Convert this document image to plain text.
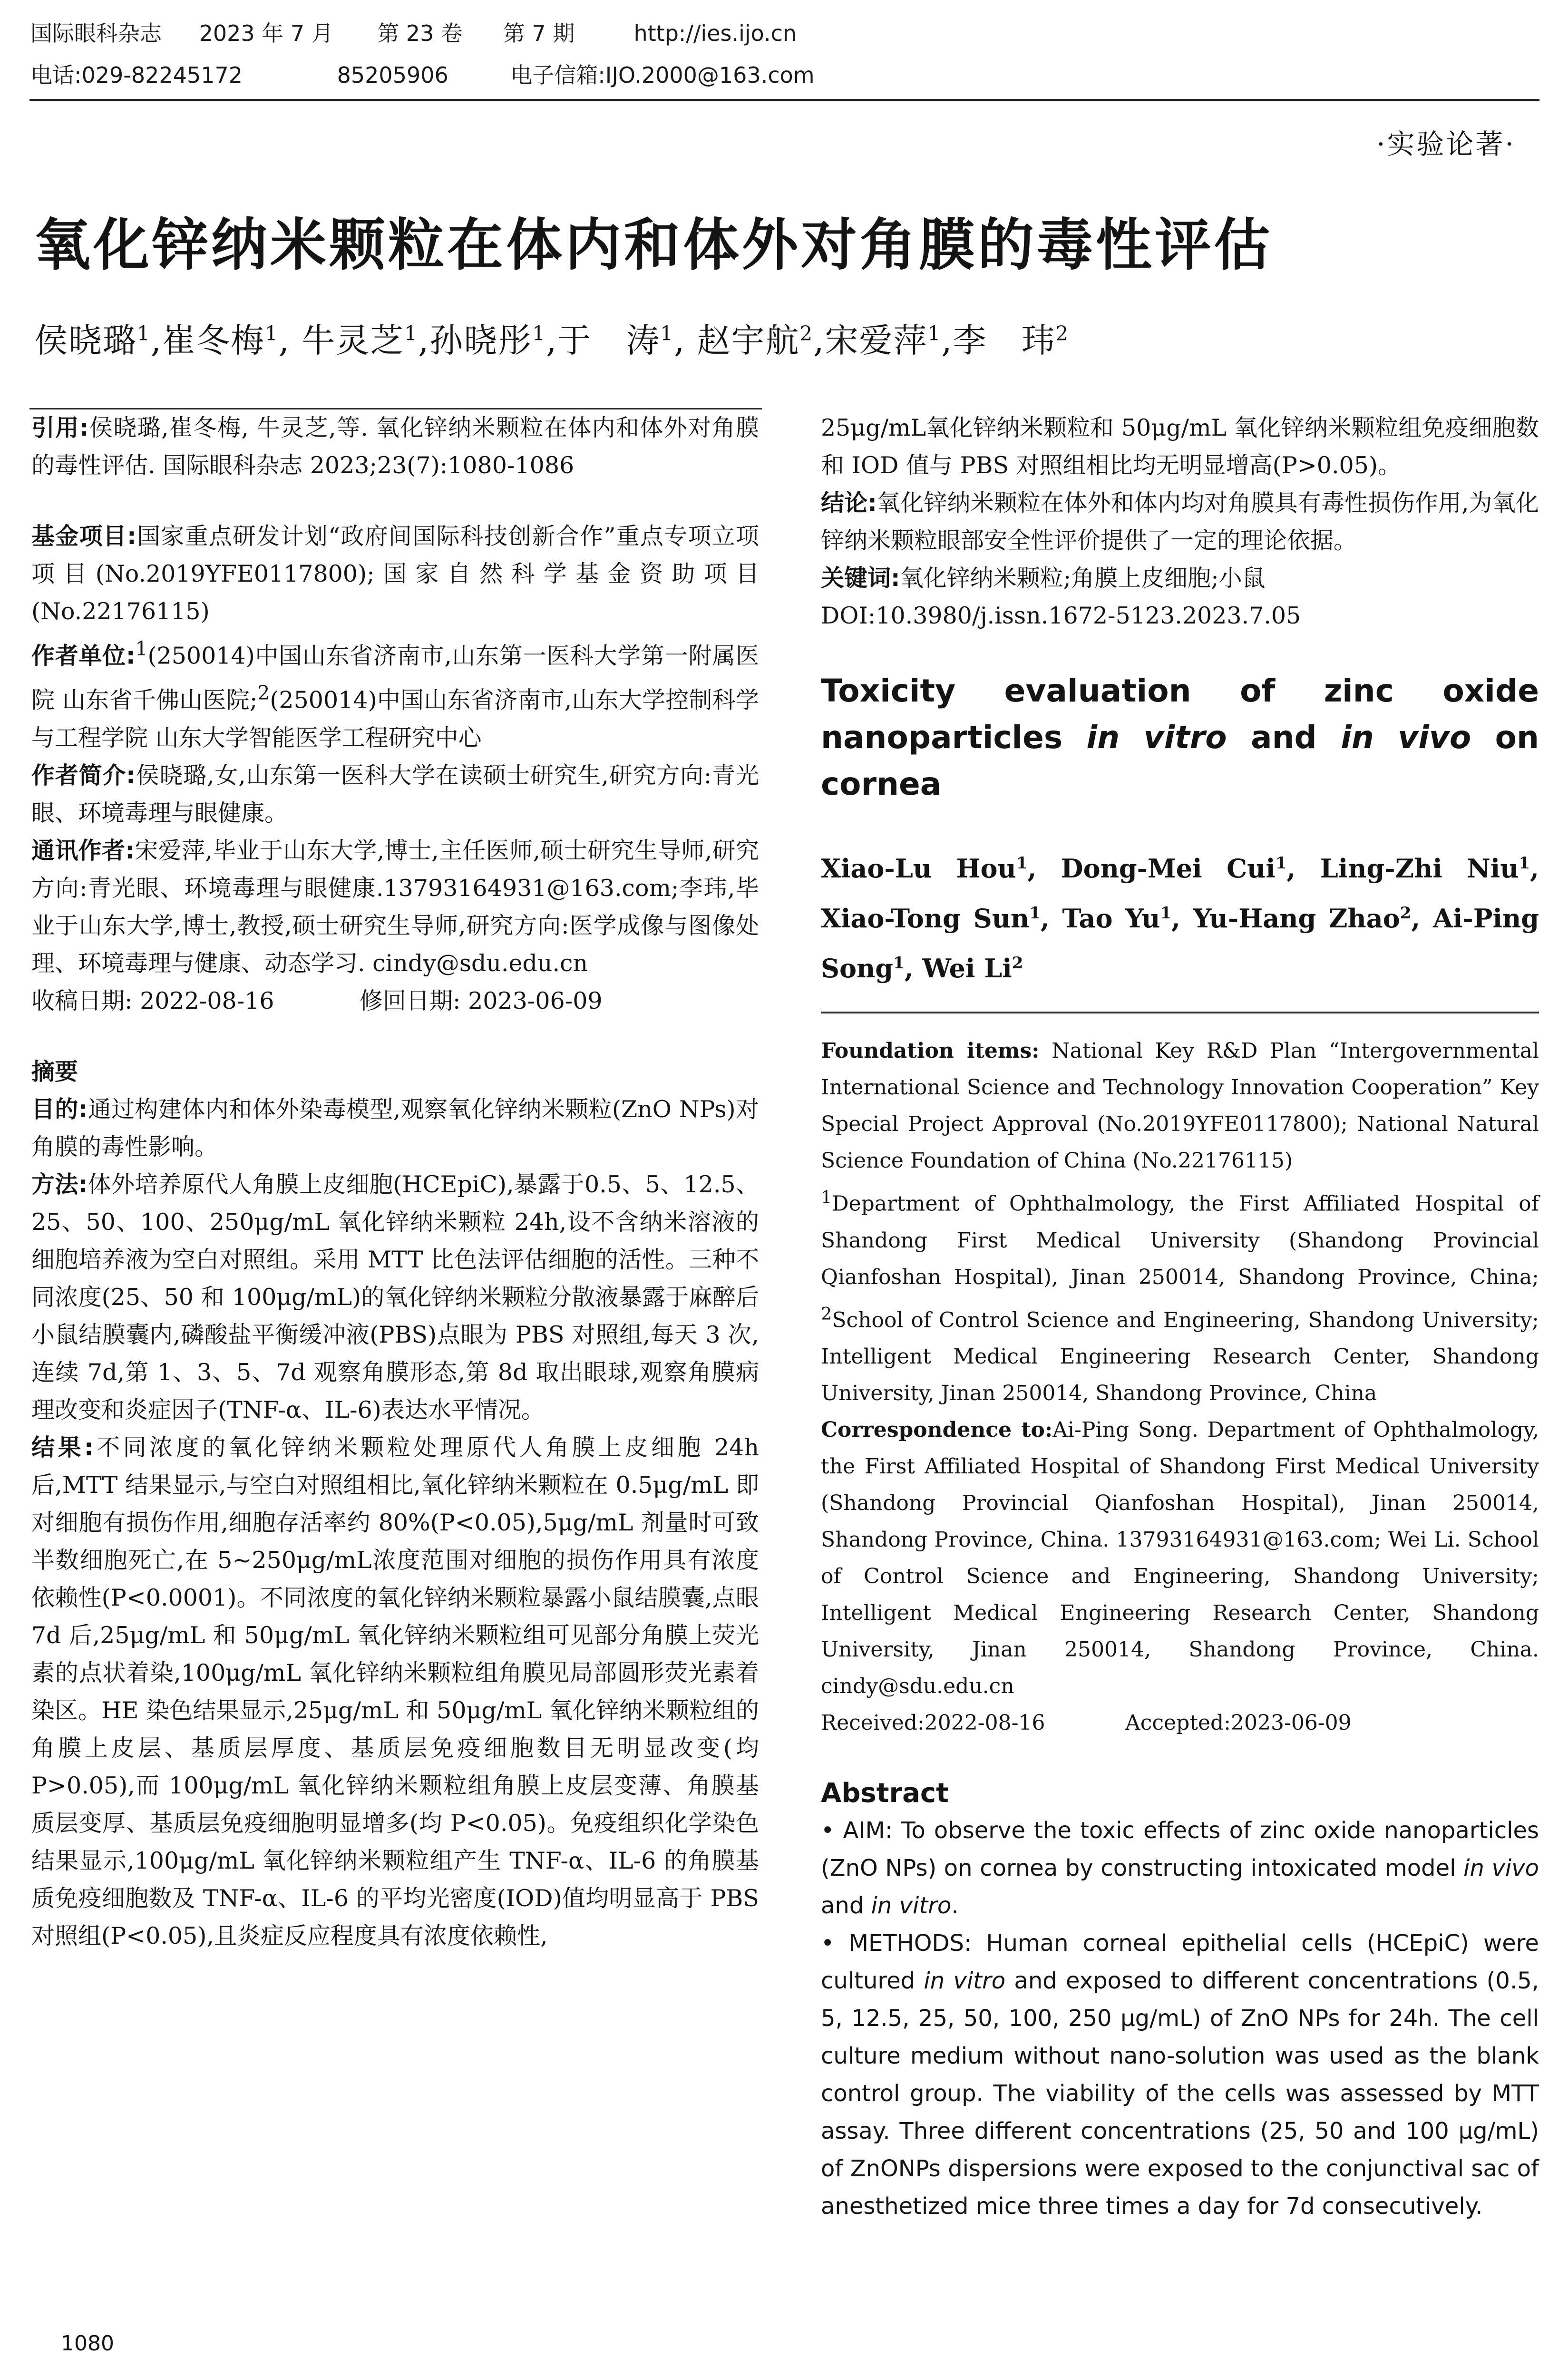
国际眼科杂志 2023 年 7 月 第 23 卷 第 7 期	http://ies.ijo.cn
电话:029-82245172	85205906	电子信箱:IJO.2000@163.com
·实验论著·
氧化锌纳米颗粒在体内和体外对角膜的毒性评估
侯晓璐$^1$,崔冬梅$^1$, 牛灵芝$^1$,孙晓彤$^1$,于　涛$^1$, 赵宇航$^2$,宋爱萍$^1$,李　玮$^2$

引用:侯晓璐,崔冬梅, 牛灵芝,等. 氧化锌纳米颗粒在体内和体外对角膜的毒性评估. 国际眼科杂志 2023;23(7):1080-1086

基金项目:国家重点研发计划“政府间国际科技创新合作”重点专项立项项目(No.2019YFE0117800);国家自然科学基金资助项目(No.22176115)

作者单位:$^1$(250014)中国山东省济南市,山东第一医科大学第一附属医院 山东省千佛山医院;$^2$(250014)中国山东省济南市,山东大学控制科学与工程学院 山东大学智能医学工程研究中心

作者简介:侯晓璐,女,山东第一医科大学在读硕士研究生,研究方向:青光眼、环境毒理与眼健康。

通讯作者:宋爱萍,毕业于山东大学,博士,主任医师,硕士研究生导师,研究方向:青光眼、环境毒理与眼健康.13793164931@163.com;李玮,毕业于山东大学,博士,教授,硕士研究生导师,研究方向:医学成像与图像处理、环境毒理与健康、动态学习. cindy@sdu.edu.cn

收稿日期: 2022-08-16	修回日期: 2023-06-09

摘要

目的:通过构建体内和体外染毒模型,观察氧化锌纳米颗粒(ZnO NPs)对角膜的毒性影响。

方法:体外培养原代人角膜上皮细胞(HCEpiC),暴露于0.5、5、12.5、25、50、100、250μg/mL 氧化锌纳米颗粒 24h,设不含纳米溶液的细胞培养液为空白对照组。采用 MTT 比色法评估细胞的活性。三种不同浓度(25、50 和 100μg/mL)的氧化锌纳米颗粒分散液暴露于麻醉后小鼠结膜囊内,磷酸盐平衡缓冲液(PBS)点眼为 PBS 对照组,每天 3 次,连续 7d,第 1、3、5、7d 观察角膜形态,第 8d 取出眼球,观察角膜病理改变和炎症因子(TNF-α、IL-6)表达水平情况。

结果:不同浓度的氧化锌纳米颗粒处理原代人角膜上皮细胞 24h 后,MTT 结果显示,与空白对照组相比,氧化锌纳米颗粒在 0.5μg/mL 即对细胞有损伤作用,细胞存活率约 80%(P<0.05),5μg/mL 剂量时可致半数细胞死亡,在 5~250μg/mL浓度范围对细胞的损伤作用具有浓度依赖性(P<0.0001)。不同浓度的氧化锌纳米颗粒暴露小鼠结膜囊,点眼 7d 后,25μg/mL 和 50μg/mL 氧化锌纳米颗粒组可见部分角膜上荧光素的点状着染,100μg/mL 氧化锌纳米颗粒组角膜见局部圆形荧光素着染区。HE 染色结果显示,25μg/mL 和 50μg/mL 氧化锌纳米颗粒组的角膜上皮层、基质层厚度、基质层免疫细胞数目无明显改变(均P>0.05),而 100μg/mL 氧化锌纳米颗粒组角膜上皮层变薄、角膜基质层变厚、基质层免疫细胞明显增多(均 P<0.05)。免疫组织化学染色结果显示,100μg/mL 氧化锌纳米颗粒组产生 TNF-α、IL-6 的角膜基质免疫细胞数及 TNF-α、IL-6 的平均光密度(IOD)值均明显高于 PBS 对照组(P<0.05),且炎症反应程度具有浓度依赖性,

25μg/mL氧化锌纳米颗粒和 50μg/mL 氧化锌纳米颗粒组免疫细胞数和 IOD 值与 PBS 对照组相比均无明显增高(P>0.05)。

结论:氧化锌纳米颗粒在体外和体内均对角膜具有毒性损伤作用,为氧化锌纳米颗粒眼部安全性评价提供了一定的理论依据。

关键词:氧化锌纳米颗粒;角膜上皮细胞;小鼠

DOI:10.3980/j.issn.1672-5123.2023.7.05

Toxicity evaluation of zinc oxide nanoparticles in vitro and in vivo on cornea

Xiao-Lu Hou$^1$, Dong-Mei Cui$^1$, Ling-Zhi Niu$^1$, Xiao-Tong Sun$^1$, Tao Yu$^1$, Yu-Hang Zhao$^2$, Ai-Ping Song$^1$, Wei Li$^2$

Foundation items: National Key R&D Plan “Intergovernmental International Science and Technology Innovation Cooperation” Key Special Project Approval (No.2019YFE0117800); National Natural Science Foundation of China (No.22176115)

$^1$Department of Ophthalmology, the First Affiliated Hospital of Shandong First Medical University (Shandong Provincial Qianfoshan Hospital), Jinan 250014, Shandong Province, China; $^2$School of Control Science and Engineering, Shandong University; Intelligent Medical Engineering Research Center, Shandong University, Jinan 250014, Shandong Province, China

Correspondence to:Ai-Ping Song. Department of Ophthalmology, the First Affiliated Hospital of Shandong First Medical University (Shandong Provincial Qianfoshan Hospital), Jinan 250014, Shandong Province, China. 13793164931@163.com; Wei Li. School of Control Science and Engineering, Shandong University; Intelligent Medical Engineering Research Center, Shandong University, Jinan 250014, Shandong Province, China. cindy@sdu.edu.cn

Received:2022-08-16	Accepted:2023-06-09

Abstract

• AIM: To observe the toxic effects of zinc oxide nanoparticles (ZnO NPs) on cornea by constructing intoxicated model in vivo and in vitro.

• METHODS: Human corneal epithelial cells (HCEpiC) were cultured in vitro and exposed to different concentrations (0.5, 5, 12.5, 25, 50, 100, 250 μg/mL) of ZnO NPs for 24h. The cell culture medium without nano-solution was used as the blank control group. The viability of the cells was assessed by MTT assay. Three different concentrations (25, 50 and 100 μg/mL) of ZnONPs dispersions were exposed to the conjunctival sac of anesthetized mice three times a day for 7d consecutively.

1080
